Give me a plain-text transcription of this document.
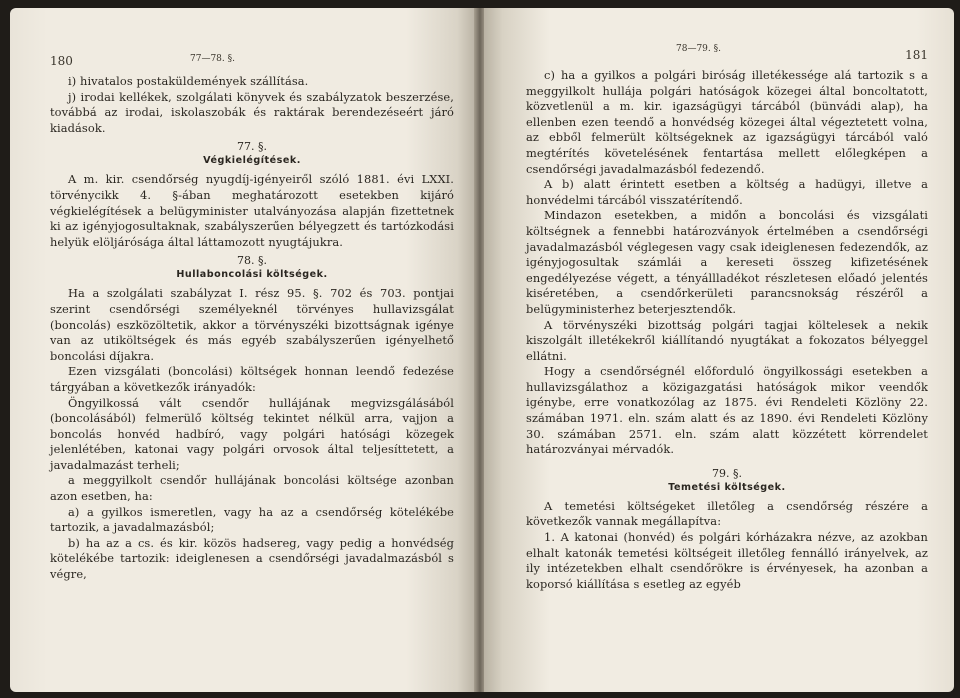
180	77—78. §.

i) hivatalos postaküldemények szállítása.

j) irodai kellékek, szolgálati könyvek és szabályzatok beszerzése, továbbá az irodai, iskolaszobák és raktárak berendezéseért járó kiadások.

77. §.
Végkielégítések.

A m. kir. csendőrség nyugdíj-igényeiről szóló 1881. évi LXXI. törvénycikk 4. §-ában meghatározott esetekben kijáró végkielégítések a belügyminister utalványozása alapján fizettetnek ki az igényjogosultaknak, szabályszerűen bélyegzett és tartózkodási helyük elöljárósága által láttamozott nyugtájukra.

78. §.
Hullaboncolási költségek.

Ha a szolgálati szabályzat I. rész 95. §. 702 és 703. pontjai szerint csendőrségi személyeknél törvényes hullavizsgálat (boncolás) eszközöltetik, akkor a törvényszéki bizottságnak igénye van az utiköltségek és más egyéb szabályszerűen igényelhető boncolási díjakra.

Ezen vizsgálati (boncolási) költségek honnan leendő fedezése tárgyában a következők irányadók:

Öngyilkossá vált csendőr hullájának megvizsgálásából (boncolásából) felmerülő költség tekintet nélkül arra, vajjon a boncolás honvéd hadbíró, vagy polgári hatósági közegek jelenlétében, katonai vagy polgári orvosok által teljesíttetett, a javadalmazást terheli;

a meggyilkolt csendőr hullájának boncolási költsége azonban azon esetben, ha:

a) a gyilkos ismeretlen, vagy ha az a csendőrség kötelékébe tartozik, a javadalmazásból;

b) ha az a cs. és kir. közös hadsereg, vagy pedig a honvédség kötelékébe tartozik: ideiglenesen a csendőrségi javadalmazásból s végre,

78—79. §.	181

c) ha a gyilkos a polgári biróság illetékessége alá tartozik s a meggyilkolt hullája polgári hatóságok közegei által boncoltatott, közvetlenül a m. kir. igazságügyi tárcából (bünvádi alap), ha ellenben ezen teendő a honvédség közegei által végeztetett volna, az ebből felmerült költségeknek az igazságügyi tárcából való megtérítés követelésének fentartása mellett előlegképen a csendőrségi javadalmazásból fedezendő.

A b) alatt érintett esetben a költség a hadügyi, illetve a honvédelmi tárcából visszatérítendő.

Mindazon esetekben, a midőn a boncolási és vizsgálati költségnek a fennebbi határozványok értelmében a csendőrségi javadalmazásból véglegesen vagy csak ideiglenesen fedezendők, az igényjogosultak számlái a kereseti összeg kifizetésének engedélyezése végett, a tényállladékot részletesen előadó jelentés kiséretében, a csendőrkerületi parancsnokság részéről a belügyministerhez beterjesztendők.

A törvényszéki bizottság polgári tagjai költelesek a nekik kiszolgált illetékekről kiállítandó nyugtákat a fokozatos bélyeggel ellátni.

Hogy a csendőrségnél előforduló öngyilkossági esetekben a hullavizsgálathoz a közigazgatási hatóságok mikor veendők igénybe, erre vonatkozólag az 1875. évi Rendeleti Közlöny 22. számában 1971. eln. szám alatt és az 1890. évi Rendeleti Közlöny 30. számában 2571. eln. szám alatt közzétett körrendelet határozványai mérvadók.

79. §.
Temetési költségek.

A temetési költségeket illetőleg a csendőrség részére a következők vannak megállapítva:

1. A katonai (honvéd) és polgári kórházakra nézve, az azokban elhalt katonák temetési költségeit illetőleg fennálló irányelvek, az ily intézetekben elhalt csendőrökre is érvényesek, ha azonban a koporsó kiállítása s esetleg az egyéb
